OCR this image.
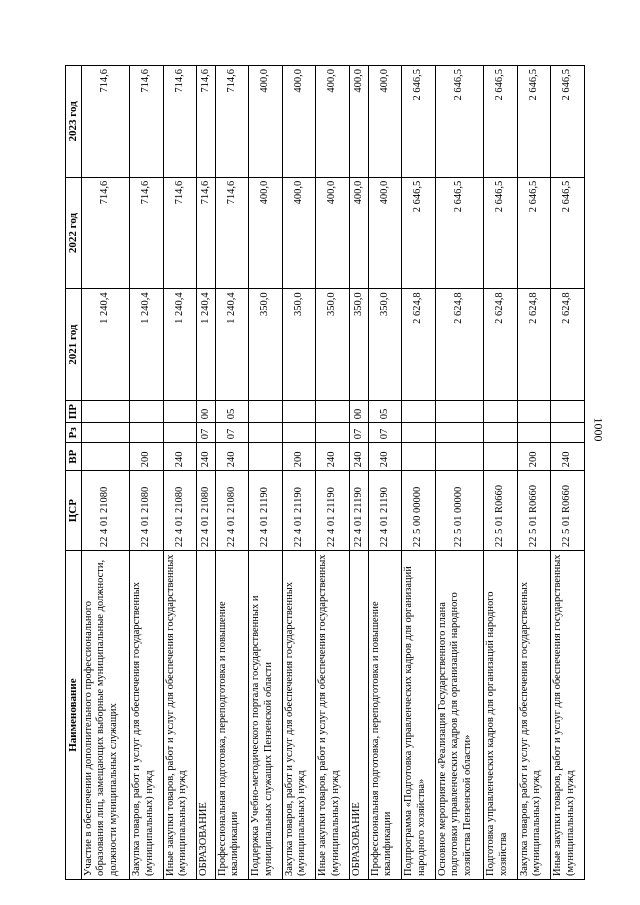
1000
Наименование	ЦСР	ВР	Рз	ПР	2021 год	2022 год	2023 год
Участие в обеспечении дополнительного профессионального образования лиц, замещающих выборные муниципальные должности, должности муниципальных служащих	22 4 01 21080				1 240,4	714,6	714,6
Закупка товаров, работ и услуг для обеспечения государственных (муниципальных) нужд	22 4 01 21080	200			1 240,4	714,6	714,6
Иные закупки товаров, работ и услуг для обеспечения государственных (муниципальных) нужд	22 4 01 21080	240			1 240,4	714,6	714,6
ОБРАЗОВАНИЕ	22 4 01 21080	240	07	00	1 240,4	714,6	714,6
Профессиональная подготовка, переподготовка и повышение квалификации	22 4 01 21080	240	07	05	1 240,4	714,6	714,6
Поддержка Учебно-методического портала государственных и муниципальных служащих Пензенской области	22 4 01 21190				350,0	400,0	400,0
Закупка товаров, работ и услуг для обеспечения государственных (муниципальных) нужд	22 4 01 21190	200			350,0	400,0	400,0
Иные закупки товаров, работ и услуг для обеспечения государственных (муниципальных) нужд	22 4 01 21190	240			350,0	400,0	400,0
ОБРАЗОВАНИЕ	22 4 01 21190	240	07	00	350,0	400,0	400,0
Профессиональная подготовка, переподготовка и повышение квалификации	22 4 01 21190	240	07	05	350,0	400,0	400,0
Подпрограмма «Подготовка управленческих кадров для организаций народного хозяйства»	22 5 00 00000				2 624,8	2 646,5	2 646,5
Основное мероприятие «Реализация Государственного плана подготовки управленческих кадров для организаций народного хозяйства Пензенской области»	22 5 01 00000				2 624,8	2 646,5	2 646,5
Подготовка управленческих кадров для организаций народного хозяйства	22 5 01 R0660				2 624,8	2 646,5	2 646,5
Закупка товаров, работ и услуг для обеспечения государственных (муниципальных) нужд	22 5 01 R0660	200			2 624,8	2 646,5	2 646,5
Иные закупки товаров, работ и услуг для обеспечения государственных (муниципальных) нужд	22 5 01 R0660	240			2 624,8	2 646,5	2 646,5
